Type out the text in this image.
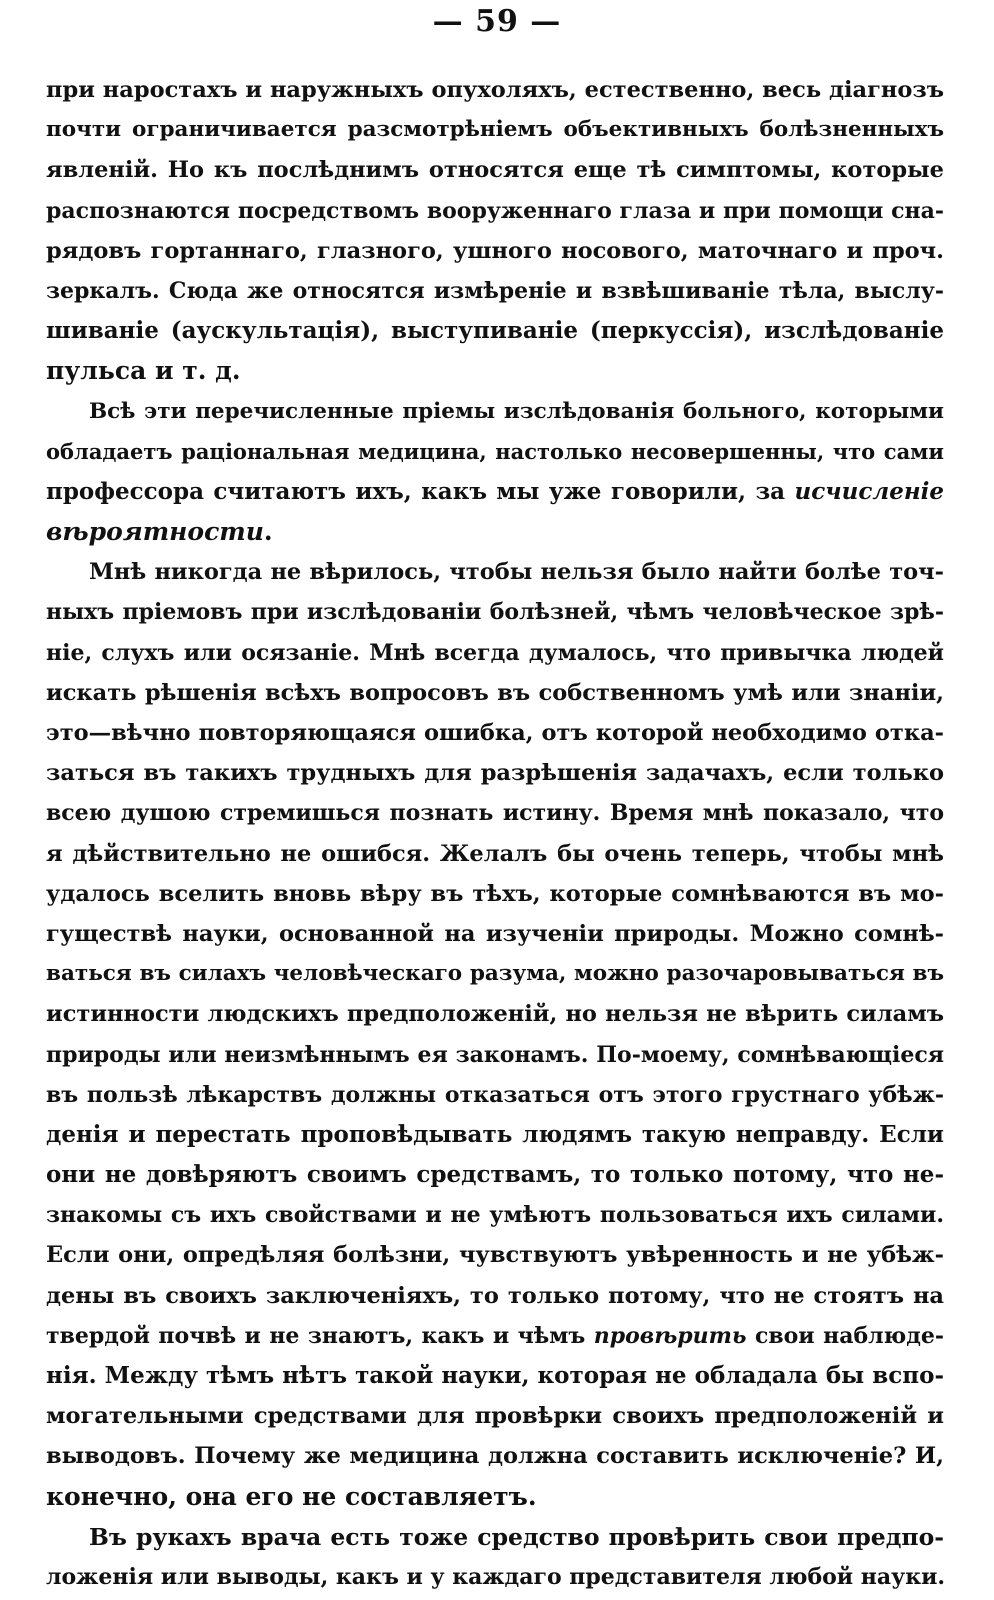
— 59 —
при наростахъ и наружныхъ опухоляхъ, естественно, весь діагнозъ
почти ограничивается разсмотрѣніемъ объективныхъ болѣзненныхъ
явленій. Но къ послѣднимъ относятся еще тѣ симптомы, которые
распознаются посредствомъ вооруженнаго глаза и при помощи сна-
рядовъ гортаннаго, глазного, ушного носового, маточнаго и проч.
зеркалъ. Сюда же относятся измѣреніе и взвѣшиваніе тѣла, выслу-
шиваніе (аускультація), выступиваніе (перкуссія), изслѣдованіе
пульса и т. д.
Всѣ эти перечисленные пріемы изслѣдованія больного, которыми
обладаетъ раціональная медицина, настолько несовершенны, что сами
профессора считаютъ ихъ, какъ мы уже говорили, за исчисленіе
вѣроятности.
Мнѣ никогда не вѣрилось, чтобы нельзя было найти болѣе точ-
ныхъ пріемовъ при изслѣдованіи болѣзней, чѣмъ человѣческое зрѣ-
ніе, слухъ или осязаніе. Мнѣ всегда думалось, что привычка людей
искать рѣшенія всѣхъ вопросовъ въ собственномъ умѣ или знаніи,
это—вѣчно повторяющаяся ошибка, отъ которой необходимо отка-
заться въ такихъ трудныхъ для разрѣшенія задачахъ, если только
всею душою стремишься познать истину. Время мнѣ показало, что
я дѣйствительно не ошибся. Желалъ бы очень теперь, чтобы мнѣ
удалось вселить вновь вѣру въ тѣхъ, которые сомнѣваются въ мо-
гуществѣ науки, основанной на изученіи природы. Можно сомнѣ-
ваться въ силахъ человѣческаго разума, можно разочаровываться въ
истинности людскихъ предположеній, но нельзя не вѣрить силамъ
природы или неизмѣннымъ ея законамъ. По-моему, сомнѣвающіеся
въ пользѣ лѣкарствъ должны отказаться отъ этого грустнаго убѣж-
денія и перестать проповѣдывать людямъ такую неправду. Если
они не довѣряютъ своимъ средствамъ, то только потому, что не-
знакомы съ ихъ свойствами и не умѣютъ пользоваться ихъ силами.
Если они, опредѣляя болѣзни, чувствуютъ увѣренность и не убѣж-
дены въ своихъ заключеніяхъ, то только потому, что не стоятъ на
твердой почвѣ и не знаютъ, какъ и чѣмъ провѣрить свои наблюде-
нія. Между тѣмъ нѣтъ такой науки, которая не обладала бы вспо-
могательными средствами для провѣрки своихъ предположеній и
выводовъ. Почему же медицина должна составить исключеніе? И,
конечно, она его не составляетъ.
Въ рукахъ врача есть тоже средство провѣрить свои предпо-
ложенія или выводы, какъ и у каждаго представителя любой науки.
